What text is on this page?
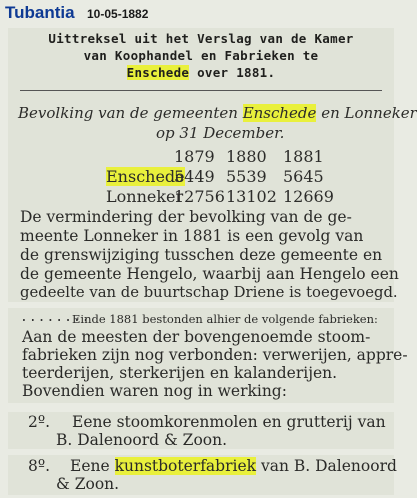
Tubantia 10-05-1882
Uittreksel uit het Verslag van de Kamer
van Koophandel en Fabrieken te
Enschede over 1881.
Bevolking van de gemeenten Enschede en Lonneker
op 31 December.
1879 1880 1881
Enschede
5449 5539 5645
Lonneker
12756 13102 12669
De vermindering der bevolking van de ge-
meente Lonneker in 1881 is een gevolg van
de grenswijziging tusschen deze gemeente en
de gemeente Hengelo, waarbij aan Hengelo een
gedeelte van de buurtschap Driene is toegevoegd.
........
Einde 1881 bestonden alhier de volgende fabrieken:
Aan de meesten der bovengenoemde stoom-
fabrieken zijn nog verbonden: verwerijen, appre-
teerderijen, sterkerijen en kalanderijen.
Bovendien waren nog in werking:
2º. Eene stoomkorenmolen en grutterij van
B. Dalenoord & Zoon.
8º. Eene kunstboterfabriek van B. Dalenoord
& Zoon.
